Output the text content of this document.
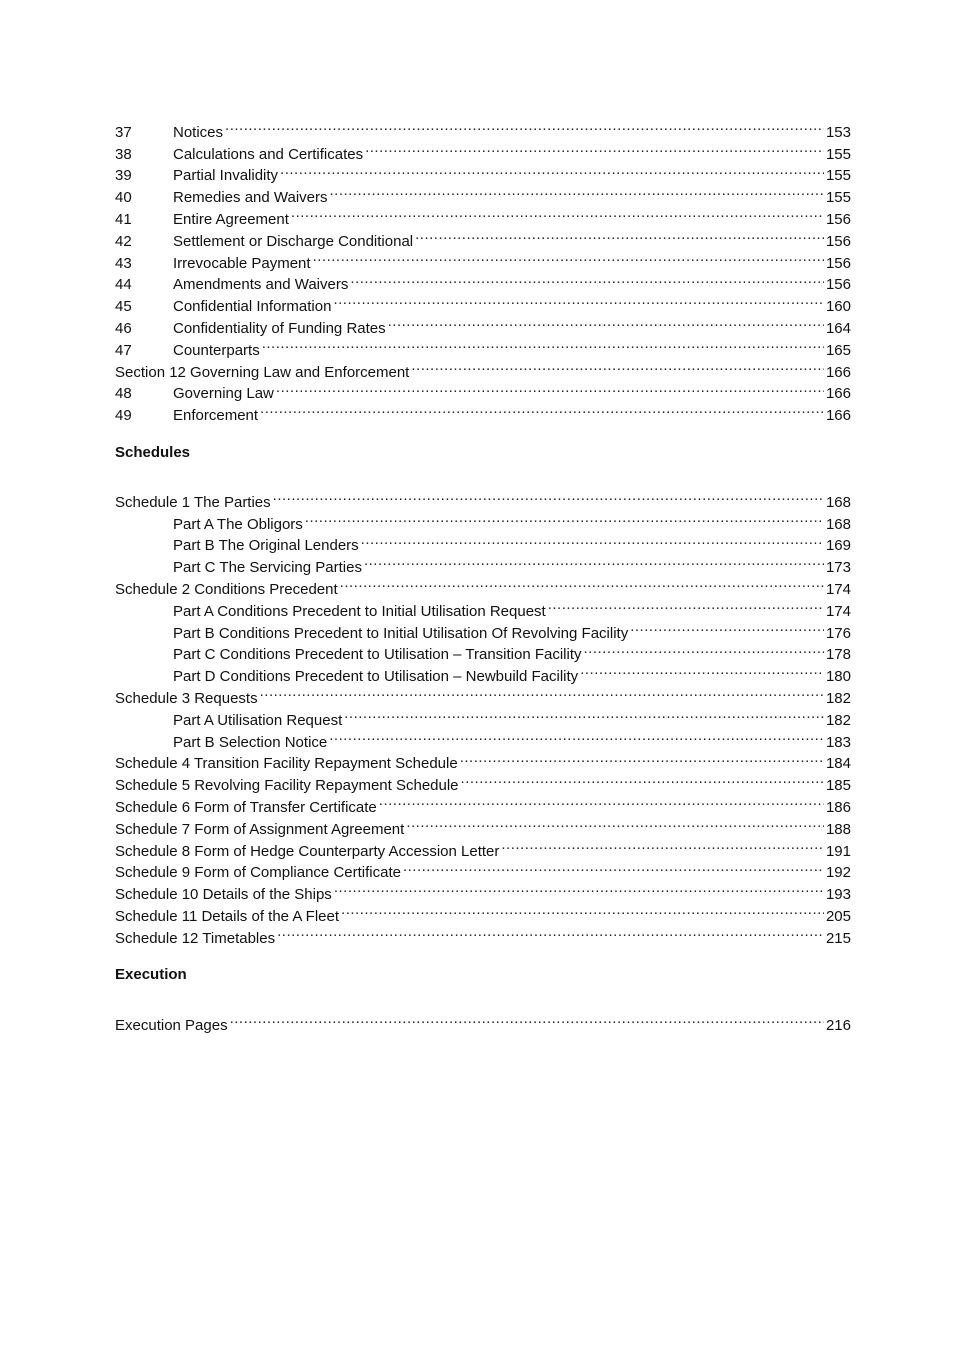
37	Notices .....	153
38	Calculations and Certificates .....	155
39	Partial Invalidity .....	155
40	Remedies and Waivers .....	155
41	Entire Agreement .....	156
42	Settlement or Discharge Conditional .....	156
43	Irrevocable Payment .....	156
44	Amendments and Waivers .....	156
45	Confidential Information .....	160
46	Confidentiality of Funding Rates .....	164
47	Counterparts .....	165
Section 12 Governing Law and Enforcement .....	166
48	Governing Law .....	166
49	Enforcement .....	166
Schedules
Schedule 1 The Parties .....	168
Part A The Obligors .....	168
Part B The Original Lenders .....	169
Part C The Servicing Parties .....	173
Schedule 2 Conditions Precedent .....	174
Part A Conditions Precedent to Initial Utilisation Request .....	174
Part B Conditions Precedent to Initial Utilisation Of Revolving Facility .....	176
Part C Conditions Precedent to Utilisation – Transition Facility .....	178
Part D Conditions Precedent to Utilisation – Newbuild Facility .....	180
Schedule 3 Requests .....	182
Part A Utilisation Request .....	182
Part B Selection Notice .....	183
Schedule 4 Transition Facility Repayment Schedule .....	184
Schedule 5 Revolving Facility Repayment Schedule .....	185
Schedule 6 Form of Transfer Certificate .....	186
Schedule 7 Form of Assignment Agreement .....	188
Schedule 8 Form of Hedge Counterparty Accession Letter .....	191
Schedule 9 Form of Compliance Certificate .....	192
Schedule 10 Details of the Ships .....	193
Schedule 11 Details of the A Fleet .....	205
Schedule 12 Timetables .....	215
Execution
Execution Pages .....	216
